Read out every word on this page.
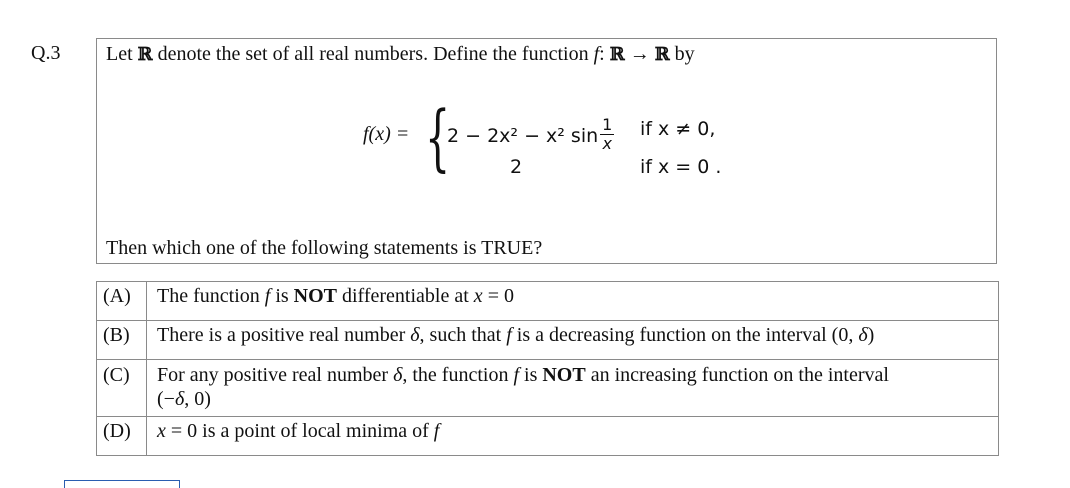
Q.3 Let ℝ denote the set of all real numbers. Define the function f: ℝ → ℝ by
f(x) = {
2 − 2x² − x² $\sin \frac{1}{x}$
2
if x ≠ 0,
if x = 0 .
Then which one of the following statements is TRUE?
(A)	The function f is NOT differentiable at x = 0
(B)	There is a positive real number δ, such that f is a decreasing function on the interval (0, δ)
(C)	For any positive real number δ, the function f is NOT an increasing function on the interval
(−δ, 0)
(D)	x = 0 is a point of local minima of f
